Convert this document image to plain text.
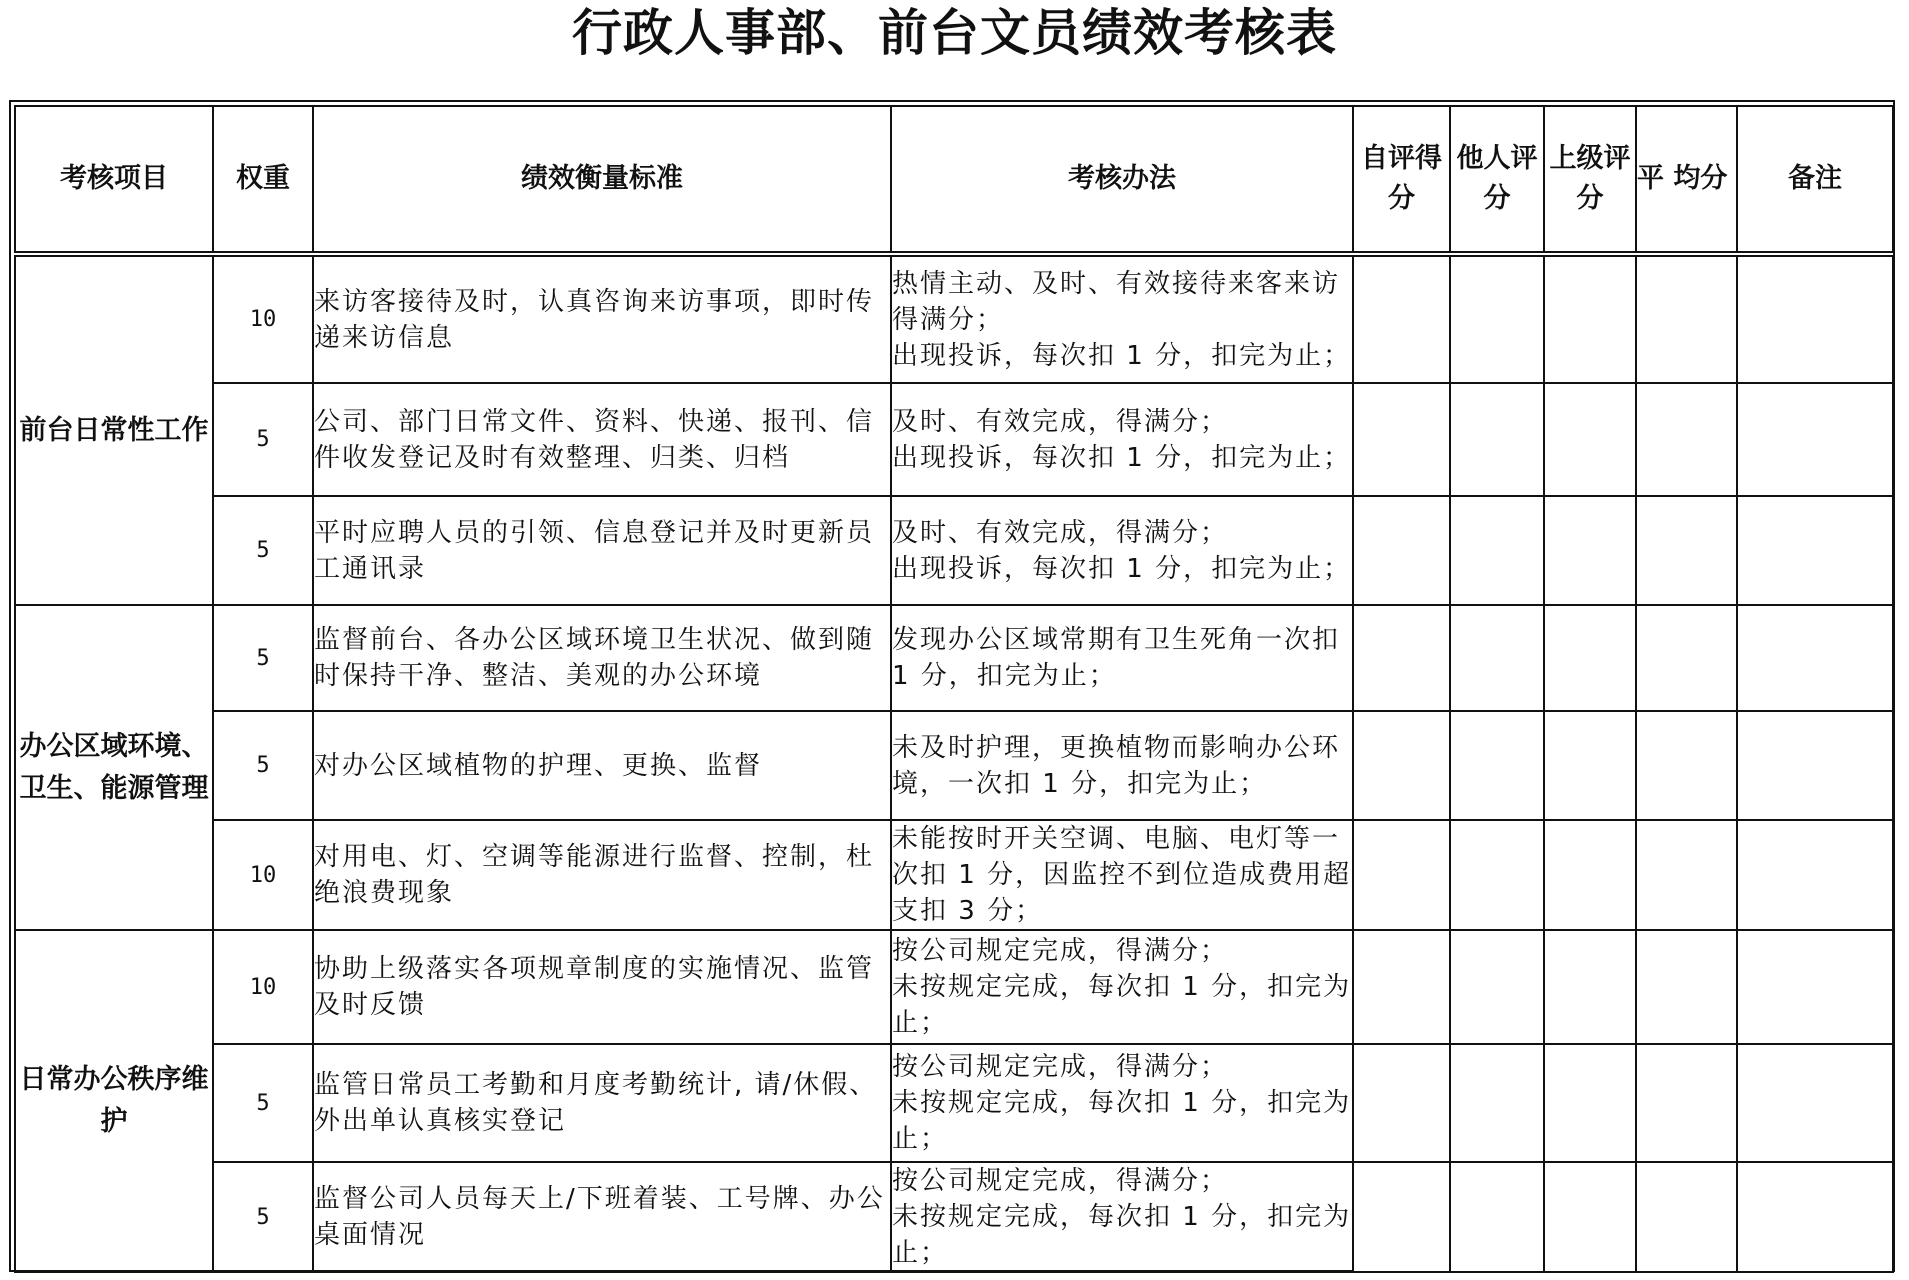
行政人事部、前台文员绩效考核表
考核项目	权重	绩效衡量标准	考核办法	自评得分	他人评分	上级评分	平 均分	备注
前台日常性工作	10	来访客接待及时，认真咨询来访事项，即时传递来访信息	热情主动、及时、有效接待来客来访得满分；
出现投诉，每次扣 1 分，扣完为止；					

	5	公司、部门日常文件、资料、快递、报刊、信件收发登记及时有效整理、归类、归档	及时、有效完成，得满分；
出现投诉，每次扣 1 分，扣完为止；					

	5	平时应聘人员的引领、信息登记并及时更新员工通讯录	及时、有效完成，得满分；
出现投诉，每次扣 1 分，扣完为止；					

办公区域环境、卫生、能源管理	5	监督前台、各办公区域环境卫生状况、做到随时保持干净、整洁、美观的办公环境	发现办公区域常期有卫生死角一次扣 1 分，扣完为止；					

	5	对办公区域植物的护理、更换、监督	未及时护理，更换植物而影响办公环境，一次扣 1 分，扣完为止；					

	10	对用电、灯、空调等能源进行监督、控制，杜绝浪费现象	未能按时开关空调、电脑、电灯等一次扣 1 分，因监控不到位造成费用超支扣 3 分；					

日常办公秩序维护	10	协助上级落实各项规章制度的实施情况、监管及时反馈	按公司规定完成，得满分；
未按规定完成，每次扣 1 分，扣完为止；					

	5	监管日常员工考勤和月度考勤统计, 请/休假、外出单认真核实登记	按公司规定完成，得满分；
未按规定完成，每次扣 1 分，扣完为止；					

	5	监督公司人员每天上/下班着装、工号牌、办公桌面情况	按公司规定完成，得满分；
未按规定完成，每次扣 1 分，扣完为止；					
